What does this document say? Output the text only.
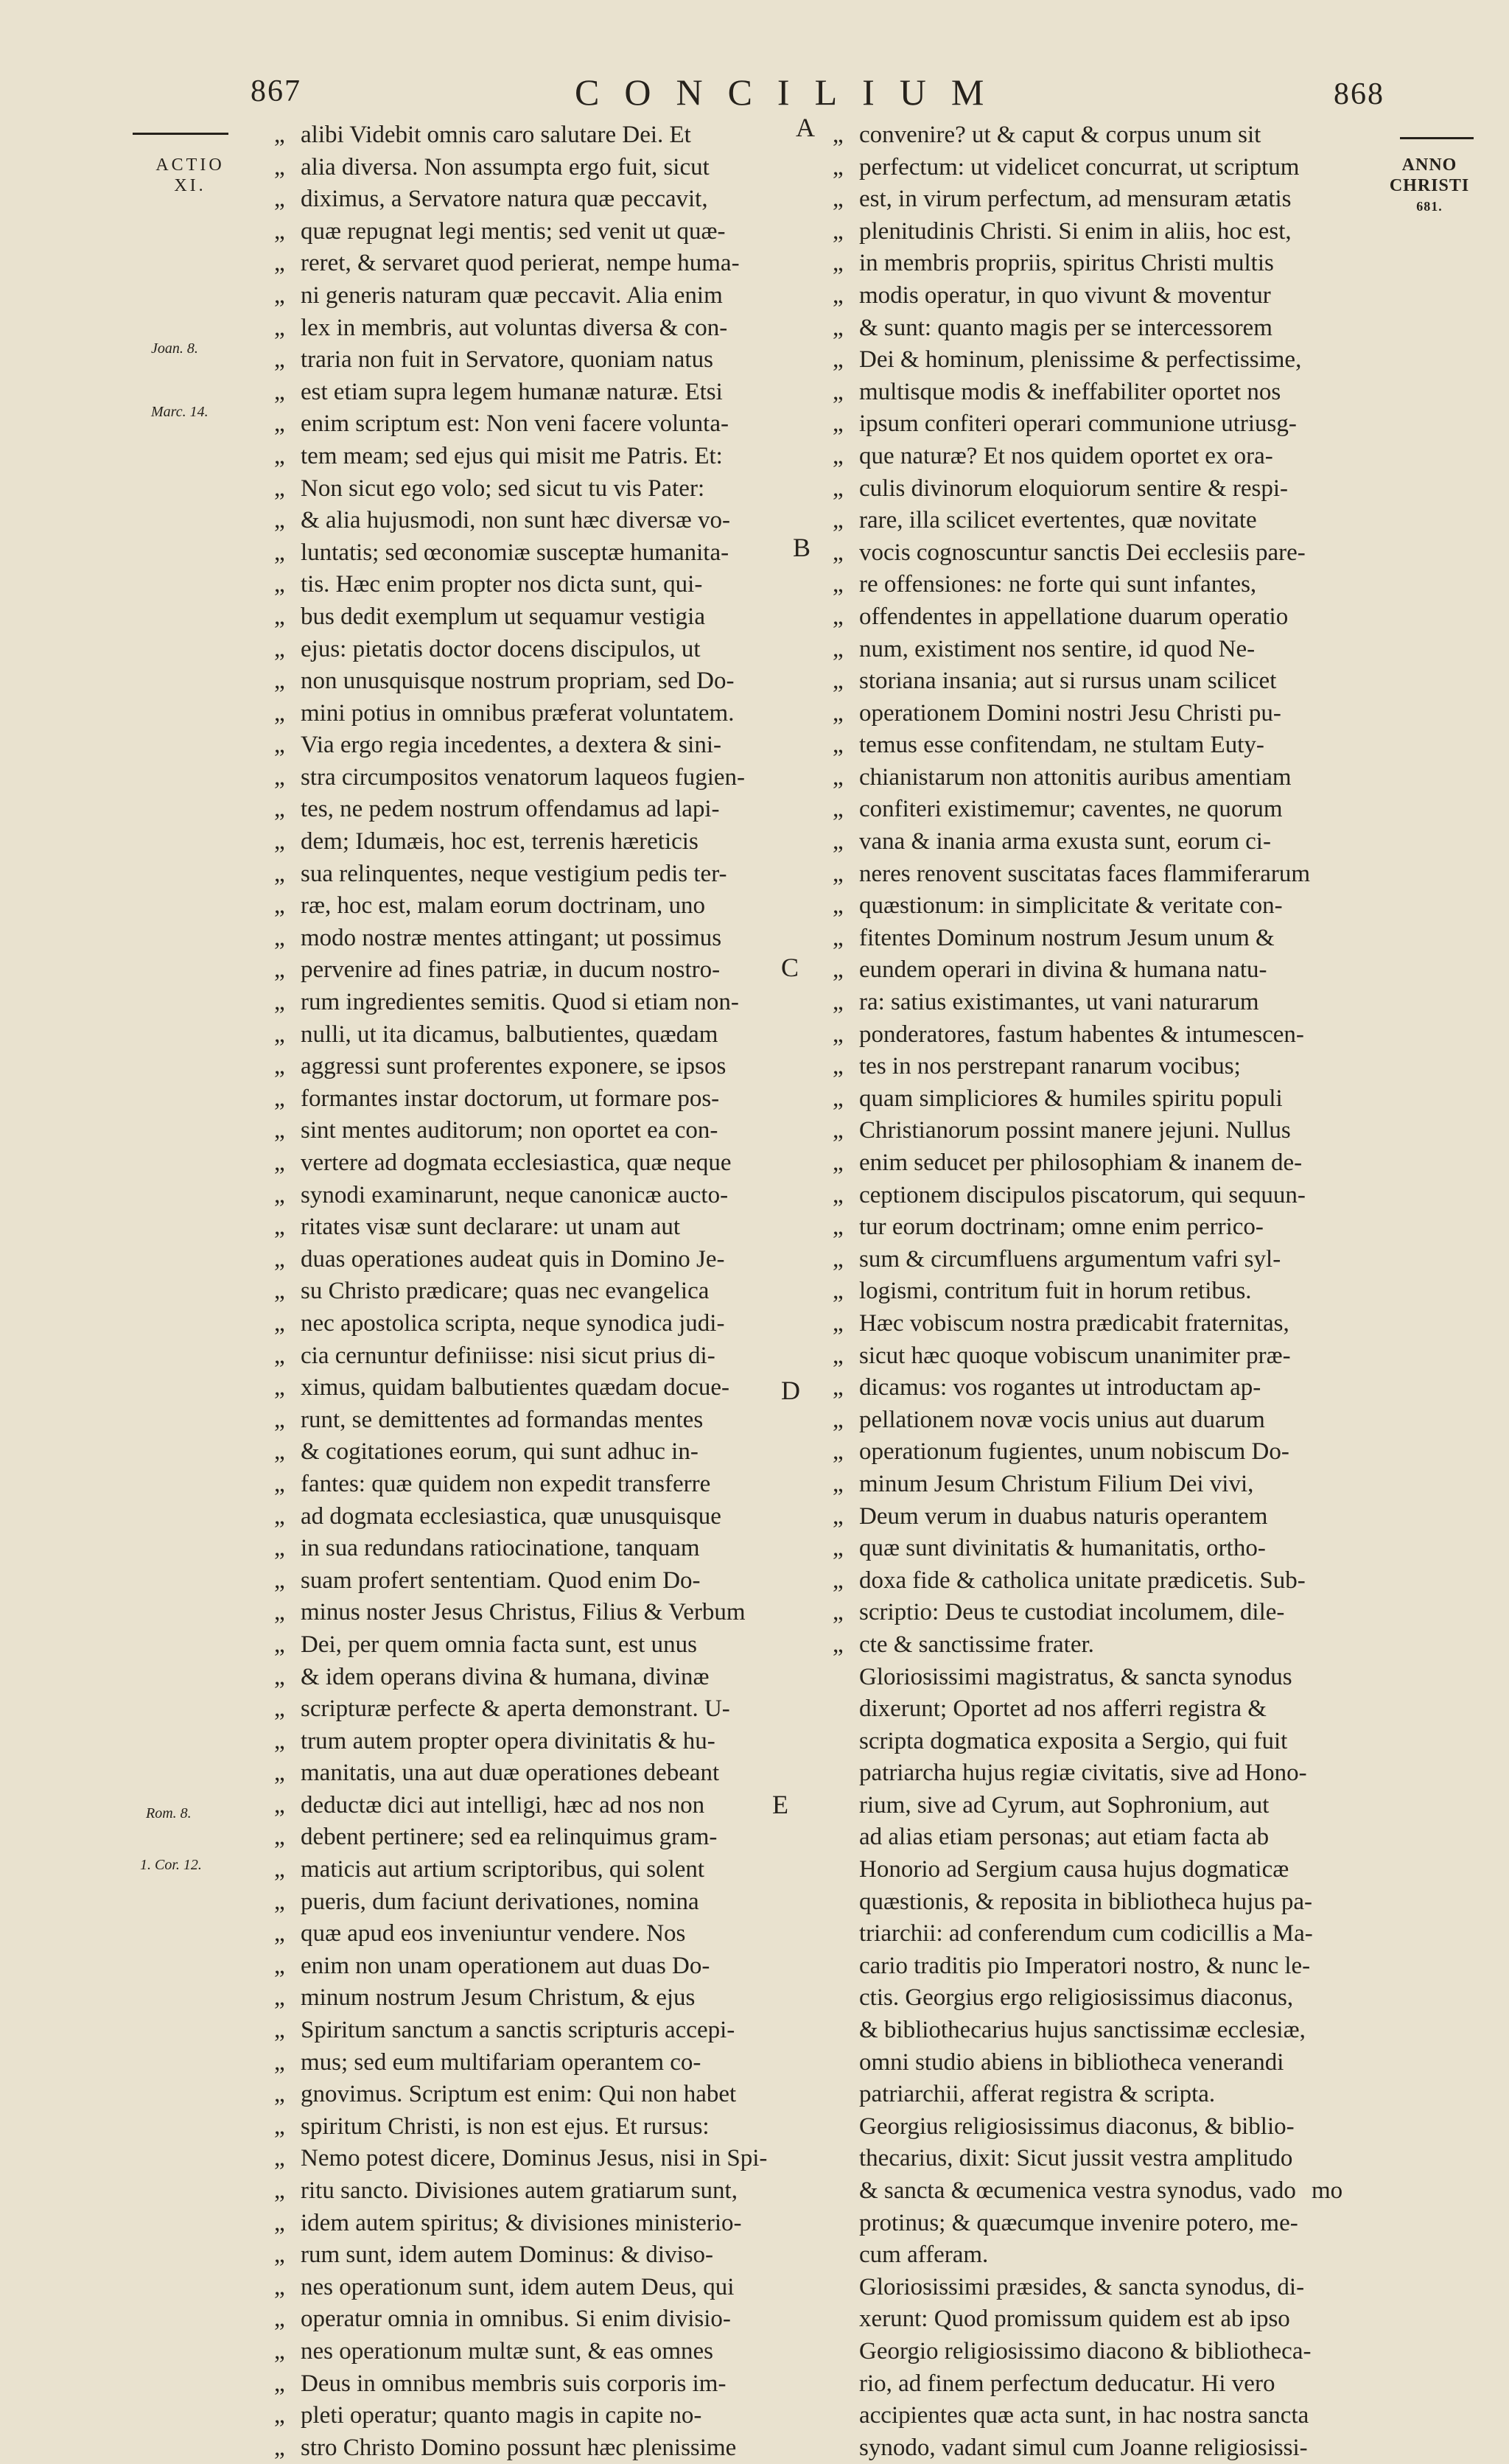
867	CONCILIUM	868
ACTIO
XI.
ANNO
CHRISTI
681.
Joan. 8.
Marc. 14.
Rom. 8.
1. Cor. 12.
A
B
C
D
E
„ alibi Videbit omnis caro salutare Dei. Et
„ alia diversa. Non assumpta ergo fuit, sicut
„ diximus, a Servatore natura quæ peccavit,
„ quæ repugnat legi mentis; sed venit ut quæ-
„ reret, & servaret quod perierat, nempe huma-
„ ni generis naturam quæ peccavit. Alia enim
„ lex in membris, aut voluntas diversa & con-
„ traria non fuit in Servatore, quoniam natus
„ est etiam supra legem humanæ naturæ. Etsi
„ enim scriptum est: Non veni facere volunta-
„ tem meam; sed ejus qui misit me Patris. Et:
„ Non sicut ego volo; sed sicut tu vis Pater:
„ & alia hujusmodi, non sunt hæc diversæ vo-
„ luntatis; sed œconomiæ susceptæ humanita-
„ tis. Hæc enim propter nos dicta sunt, qui-
„ bus dedit exemplum ut sequamur vestigia
„ ejus: pietatis doctor docens discipulos, ut
„ non unusquisque nostrum propriam, sed Do-
„ mini potius in omnibus præferat voluntatem.
„ Via ergo regia incedentes, a dextera & sini-
„ stra circumpositos venatorum laqueos fugien-
„ tes, ne pedem nostrum offendamus ad lapi-
„ dem; Idumæis, hoc est, terrenis hæreticis
„ sua relinquentes, neque vestigium pedis ter-
„ ræ, hoc est, malam eorum doctrinam, uno
„ modo nostræ mentes attingant; ut possimus
„ pervenire ad fines patriæ, in ducum nostro-
„ rum ingredientes semitis. Quod si etiam non-
„ nulli, ut ita dicamus, balbutientes, quædam
„ aggressi sunt proferentes exponere, se ipsos
„ formantes instar doctorum, ut formare pos-
„ sint mentes auditorum; non oportet ea con-
„ vertere ad dogmata ecclesiastica, quæ neque
„ synodi examinarunt, neque canonicæ aucto-
„ ritates visæ sunt declarare: ut unam aut
„ duas operationes audeat quis in Domino Je-
„ su Christo prædicare; quas nec evangelica
„ nec apostolica scripta, neque synodica judi-
„ cia cernuntur definiisse: nisi sicut prius di-
„ ximus, quidam balbutientes quædam docue-
„ runt, se demittentes ad formandas mentes
„ & cogitationes eorum, qui sunt adhuc in-
„ fantes: quæ quidem non expedit transferre
„ ad dogmata ecclesiastica, quæ unusquisque
„ in sua redundans ratiocinatione, tanquam
„ suam profert sententiam. Quod enim Do-
„ minus noster Jesus Christus, Filius & Verbum
„ Dei, per quem omnia facta sunt, est unus
„ & idem operans divina & humana, divinæ
„ scripturæ perfecte & aperta demonstrant. U-
„ trum autem propter opera divinitatis & hu-
„ manitatis, una aut duæ operationes debeant
„ deductæ dici aut intelligi, hæc ad nos non
„ debent pertinere; sed ea relinquimus gram-
„ maticis aut artium scriptoribus, qui solent
„ pueris, dum faciunt derivationes, nomina
„ quæ apud eos inveniuntur vendere. Nos
„ enim non unam operationem aut duas Do-
„ minum nostrum Jesum Christum, & ejus
„ Spiritum sanctum a sanctis scripturis accepi-
„ mus; sed eum multifariam operantem co-
„ gnovimus. Scriptum est enim: Qui non habet
„ spiritum Christi, is non est ejus. Et rursus:
„ Nemo potest dicere, Dominus Jesus, nisi in Spi-
„ ritu sancto. Divisiones autem gratiarum sunt,
„ idem autem spiritus; & divisiones ministerio-
„ rum sunt, idem autem Dominus: & diviso-
„ nes operationum sunt, idem autem Deus, qui
„ operatur omnia in omnibus. Si enim divisio-
„ nes operationum multæ sunt, & eas omnes
„ Deus in omnibus membris suis corporis im-
„ pleti operatur; quanto magis in capite no-
„ stro Christo Domino possunt hæc plenissime
„ convenire? ut & caput & corpus unum sit
„ perfectum: ut videlicet concurrat, ut scriptum
„ est, in virum perfectum, ad mensuram ætatis
„ plenitudinis Christi. Si enim in aliis, hoc est,
„ in membris propriis, spiritus Christi multis
„ modis operatur, in quo vivunt & moventur
„ & sunt: quanto magis per se intercessorem
„ Dei & hominum, plenissime & perfectissime,
„ multisque modis & ineffabiliter oportet nos
„ ipsum confiteri operari communione utriusg-
„ que naturæ? Et nos quidem oportet ex ora-
„ culis divinorum eloquiorum sentire & respi-
„ rare, illa scilicet evertentes, quæ novitate
„ vocis cognoscuntur sanctis Dei ecclesiis pare-
„ re offensiones: ne forte qui sunt infantes,
„ offendentes in appellatione duarum operatio
„ num, existiment nos sentire, id quod Ne-
„ storiana insania; aut si rursus unam scilicet
„ operationem Domini nostri Jesu Christi pu-
„ temus esse confitendam, ne stultam Euty-
„ chianistarum non attonitis auribus amentiam
„ confiteri existimemur; caventes, ne quorum
„ vana & inania arma exusta sunt, eorum ci-
„ neres renovent suscitatas faces flammiferarum
„ quæstionum: in simplicitate & veritate con-
„ fitentes Dominum nostrum Jesum unum &
„ eundem operari in divina & humana natu-
„ ra: satius existimantes, ut vani naturarum
„ ponderatores, fastum habentes & intumescen-
„ tes in nos perstrepant ranarum vocibus;
„ quam simpliciores & humiles spiritu populi
„ Christianorum possint manere jejuni. Nullus
„ enim seducet per philosophiam & inanem de-
„ ceptionem discipulos piscatorum, qui sequun-
„ tur eorum doctrinam; omne enim perrico-
„ sum & circumfluens argumentum vafri syl-
„ logismi, contritum fuit in horum retibus.
„ Hæc vobiscum nostra prædicabit fraternitas,
„ sicut hæc quoque vobiscum unanimiter præ-
„ dicamus: vos rogantes ut introductam ap-
„ pellationem novæ vocis unius aut duarum
„ operationum fugientes, unum nobiscum Do-
„ minum Jesum Christum Filium Dei vivi,
„ Deum verum in duabus naturis operantem
„ quæ sunt divinitatis & humanitatis, ortho-
„ doxa fide & catholica unitate prædicetis. Sub-
„ scriptio: Deus te custodiat incolumem, dile-
„ cte & sanctissime frater.
Gloriosissimi magistratus, & sancta synodus
dixerunt; Oportet ad nos afferri registra &
scripta dogmatica exposita a Sergio, qui fuit
patriarcha hujus regiæ civitatis, sive ad Hono-
rium, sive ad Cyrum, aut Sophronium, aut
ad alias etiam personas; aut etiam facta ab
Honorio ad Sergium causa hujus dogmaticæ
quæstionis, & reposita in bibliotheca hujus pa-
triarchii: ad conferendum cum codicillis a Ma-
cario traditis pio Imperatori nostro, & nunc le-
ctis. Georgius ergo religiosissimus diaconus,
& bibliothecarius hujus sanctissimæ ecclesiæ,
omni studio abiens in bibliotheca venerandi
patriarchii, afferat registra & scripta.
Georgius religiosissimus diaconus, & biblio-
thecarius, dixit: Sicut jussit vestra amplitudo
& sancta & œcumenica vestra synodus, vado
protinus; & quæcumque invenire potero, me-
cum afferam.
Gloriosissimi præsides, & sancta synodus, di-
xerunt: Quod promissum quidem est ab ipso
Georgio religiosissimo diacono & bibliotheca-
rio, ad finem perfectum deducatur. Hi vero
accipientes quæ acta sunt, in hac nostra sancta
synodo, vadant simul cum Joanne religiosissi-
mo
